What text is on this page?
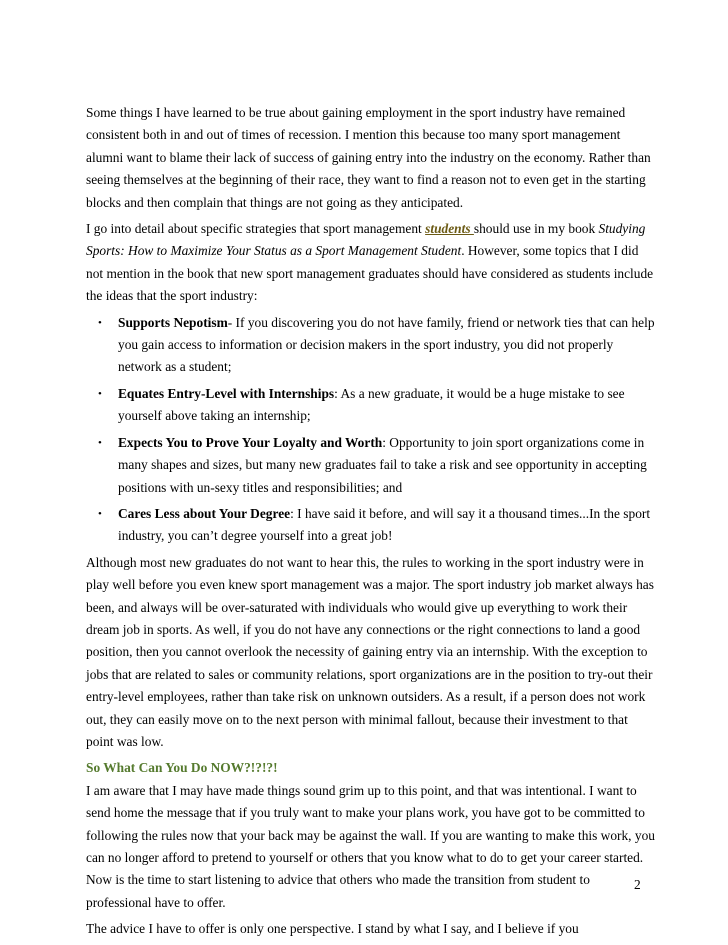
Some things I have learned to be true about gaining employment in the sport industry have remained consistent both in and out of times of recession. I mention this because too many sport management alumni want to blame their lack of success of gaining entry into the industry on the economy. Rather than seeing themselves at the beginning of their race, they want to find a reason not to even get in the starting blocks and then complain that things are not going as they anticipated.

I go into detail about specific strategies that sport management students should use in my book Studying Sports: How to Maximize Your Status as a Sport Management Student. However, some topics that I did not mention in the book that new sport management graduates should have considered as students include the ideas that the sport industry:

• Supports Nepotism- If you discovering you do not have family, friend or network ties that can help you gain access to information or decision makers in the sport industry, you did not properly network as a student;
• Equates Entry-Level with Internships: As a new graduate, it would be a huge mistake to see yourself above taking an internship;
• Expects You to Prove Your Loyalty and Worth: Opportunity to join sport organizations come in many shapes and sizes, but many new graduates fail to take a risk and see opportunity in accepting positions with un-sexy titles and responsibilities; and
• Cares Less about Your Degree: I have said it before, and will say it a thousand times...In the sport industry, you can’t degree yourself into a great job!

Although most new graduates do not want to hear this, the rules to working in the sport industry were in play well before you even knew sport management was a major. The sport industry job market always has been, and always will be over-saturated with individuals who would give up everything to work their dream job in sports. As well, if you do not have any connections or the right connections to land a good position, then you cannot overlook the necessity of gaining entry via an internship. With the exception to jobs that are related to sales or community relations, sport organizations are in the position to try-out their entry-level employees, rather than take risk on unknown outsiders. As a result, if a person does not work out, they can easily move on to the next person with minimal fallout, because their investment to that point was low.

So What Can You Do NOW?!?!?!

I am aware that I may have made things sound grim up to this point, and that was intentional. I want to send home the message that if you truly want to make your plans work, you have got to be committed to following the rules now that your back may be against the wall. If you are wanting to make this work, you can no longer afford to pretend to yourself or others that you know what to do to get your career started. Now is the time to start listening to advice that others who made the transition from student to professional have to offer.

The advice I have to offer is only one perspective. I stand by what I say, and I believe if you

2
